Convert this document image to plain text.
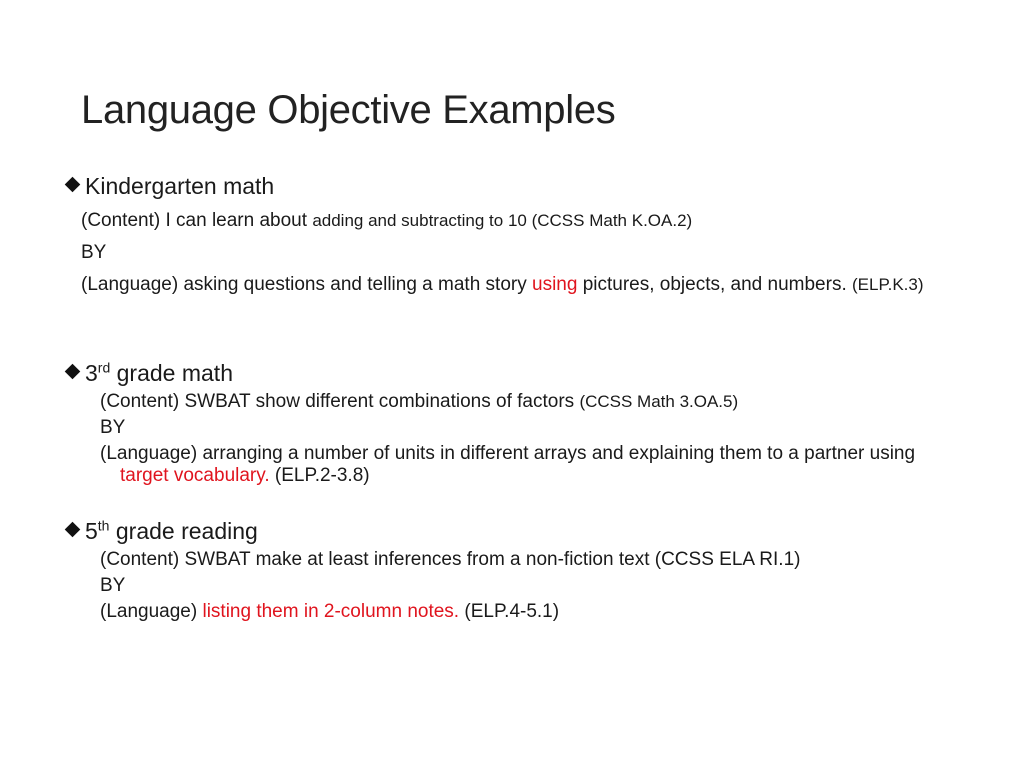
Language Objective Examples
Kindergarten math
(Content) I can learn about adding and subtracting to 10 (CCSS Math K.OA.2)
BY
(Language) asking questions and telling a math story using pictures, objects, and numbers. (ELP.K.3)
3rd grade math
(Content) SWBAT show different combinations of factors (CCSS Math 3.OA.5)
BY
(Language) arranging a number of units in different arrays and explaining them to a partner using target vocabulary. (ELP.2-3.8)
5th grade reading
(Content) SWBAT make at least inferences from a non-fiction text (CCSS ELA RI.1)
BY
(Language) listing them in 2-column notes. (ELP.4-5.1)
